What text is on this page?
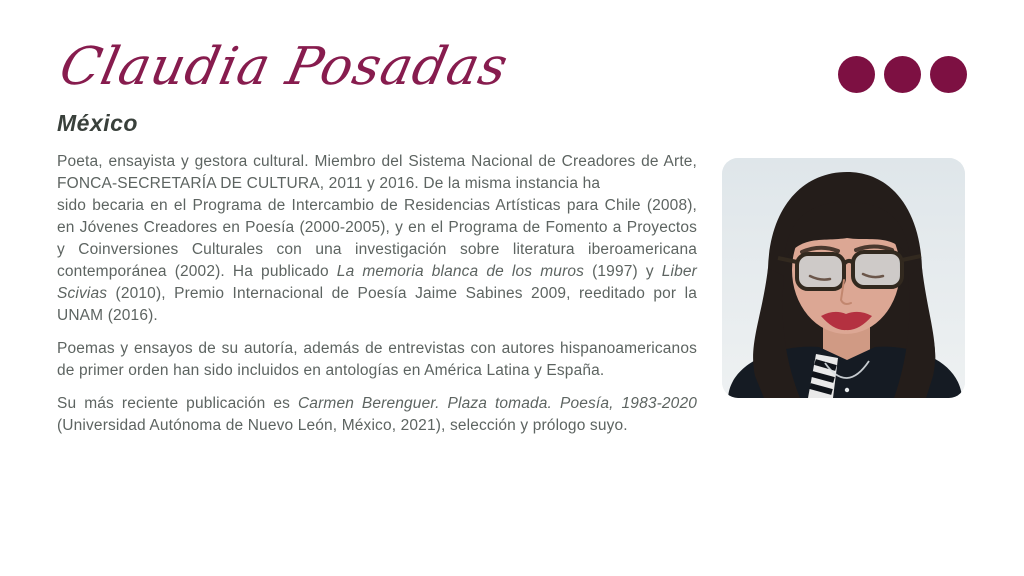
Claudia Posadas
México

Poeta, ensayista y gestora cultural. Miembro del Sistema Nacional de Creadores de Arte, FONCA-SECRETARÍA DE CULTURA, 2011 y 2016. De la misma instancia ha
sido becaria en el Programa de Intercambio de Residencias Artísticas para Chile (2008), en Jóvenes Creadores en Poesía (2000-2005), y en el Programa de Fomento a Proyectos y Coinversiones Culturales con una investigación sobre literatura iberoamericana contemporánea (2002). Ha publicado La memoria blanca de los muros (1997) y Liber Scivias (2010), Premio Internacional de Poesía Jaime Sabines 2009, reeditado por la UNAM (2016).

Poemas y ensayos de su autoría, además de entrevistas con autores hispanoamericanos de primer orden han sido incluidos en antologías en América Latina y España.

Su más reciente publicación es Carmen Berenguer. Plaza tomada. Poesía, 1983-2020 (Universidad Autónoma de Nuevo León, México, 2021), selección y prólogo suyo.
